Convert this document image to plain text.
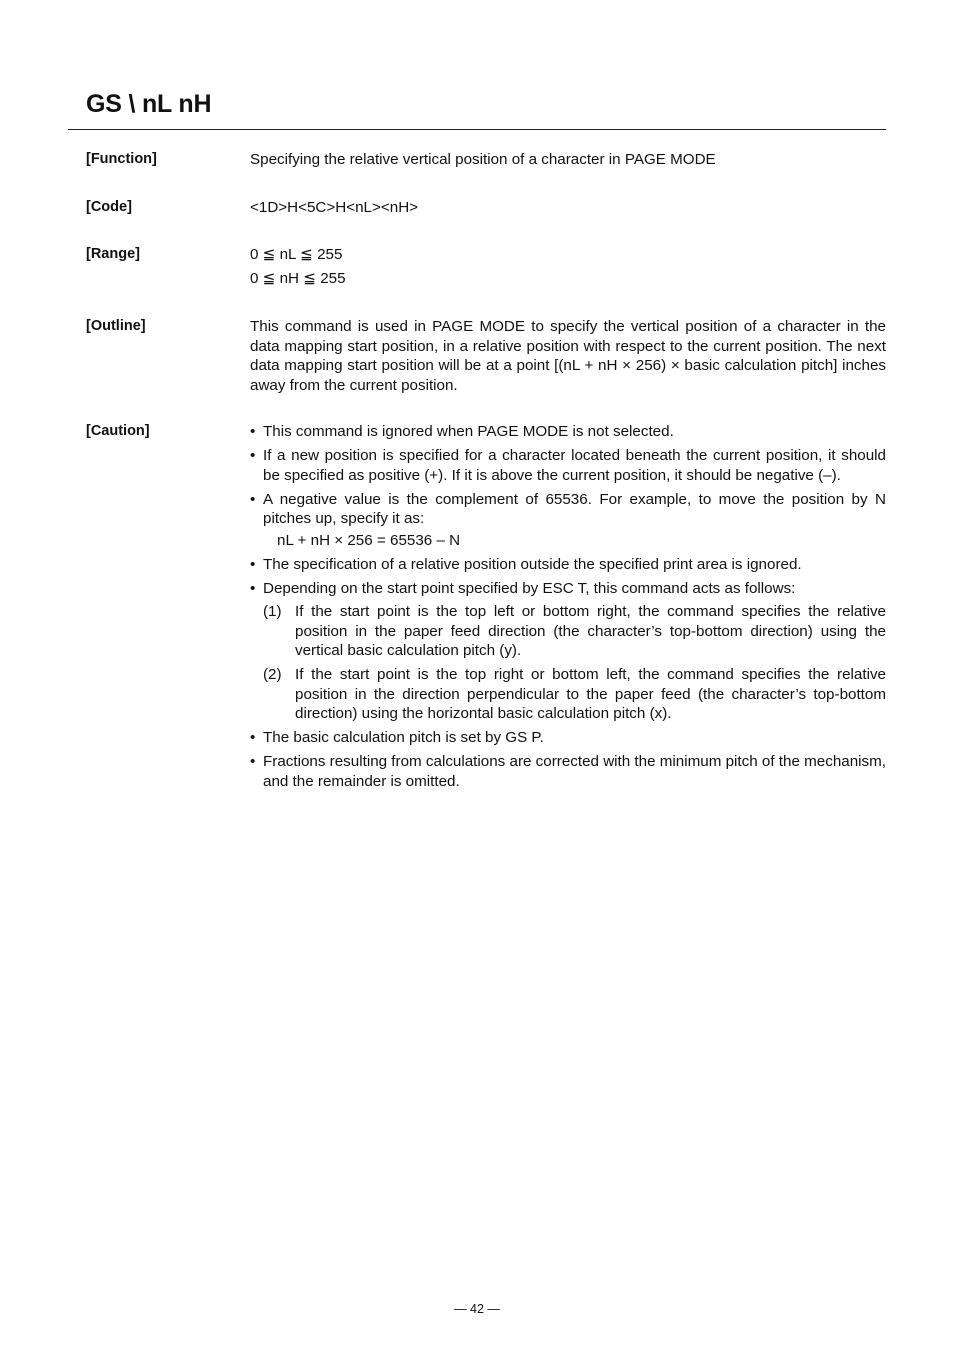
GS \ nL nH
[Function]	Specifying the relative vertical position of a character in PAGE MODE
[Code]	<1D>H<5C>H<nL><nH>
[Range]	0 ≦ nL ≦ 255
0 ≦ nH ≦ 255
[Outline]	This command is used in PAGE MODE to specify the vertical position of a character in the data mapping start position, in a relative position with respect to the current position. The next data mapping start position will be at a point [(nL + nH × 256) × basic calculation pitch] inches away from the current position.
[Caution]	• This command is ignored when PAGE MODE is not selected.
• If a new position is specified for a character located beneath the current position, it should be specified as positive (+). If it is above the current position, it should be negative (–).
• A negative value is the complement of 65536. For example, to move the position by N pitches up, specify it as:
nL + nH × 256 = 65536 – N
• The specification of a relative position outside the specified print area is ignored.
• Depending on the start point specified by ESC T, this command acts as follows:
(1) If the start point is the top left or bottom right, the command specifies the relative position in the paper feed direction (the character’s top-bottom direction) using the vertical basic calculation pitch (y).
(2) If the start point is the top right or bottom left, the command specifies the relative position in the direction perpendicular to the paper feed (the character’s top-bottom direction) using the horizontal basic calculation pitch (x).
• The basic calculation pitch is set by GS P.
• Fractions resulting from calculations are corrected with the minimum pitch of the mechanism, and the remainder is omitted.
— 42 —
